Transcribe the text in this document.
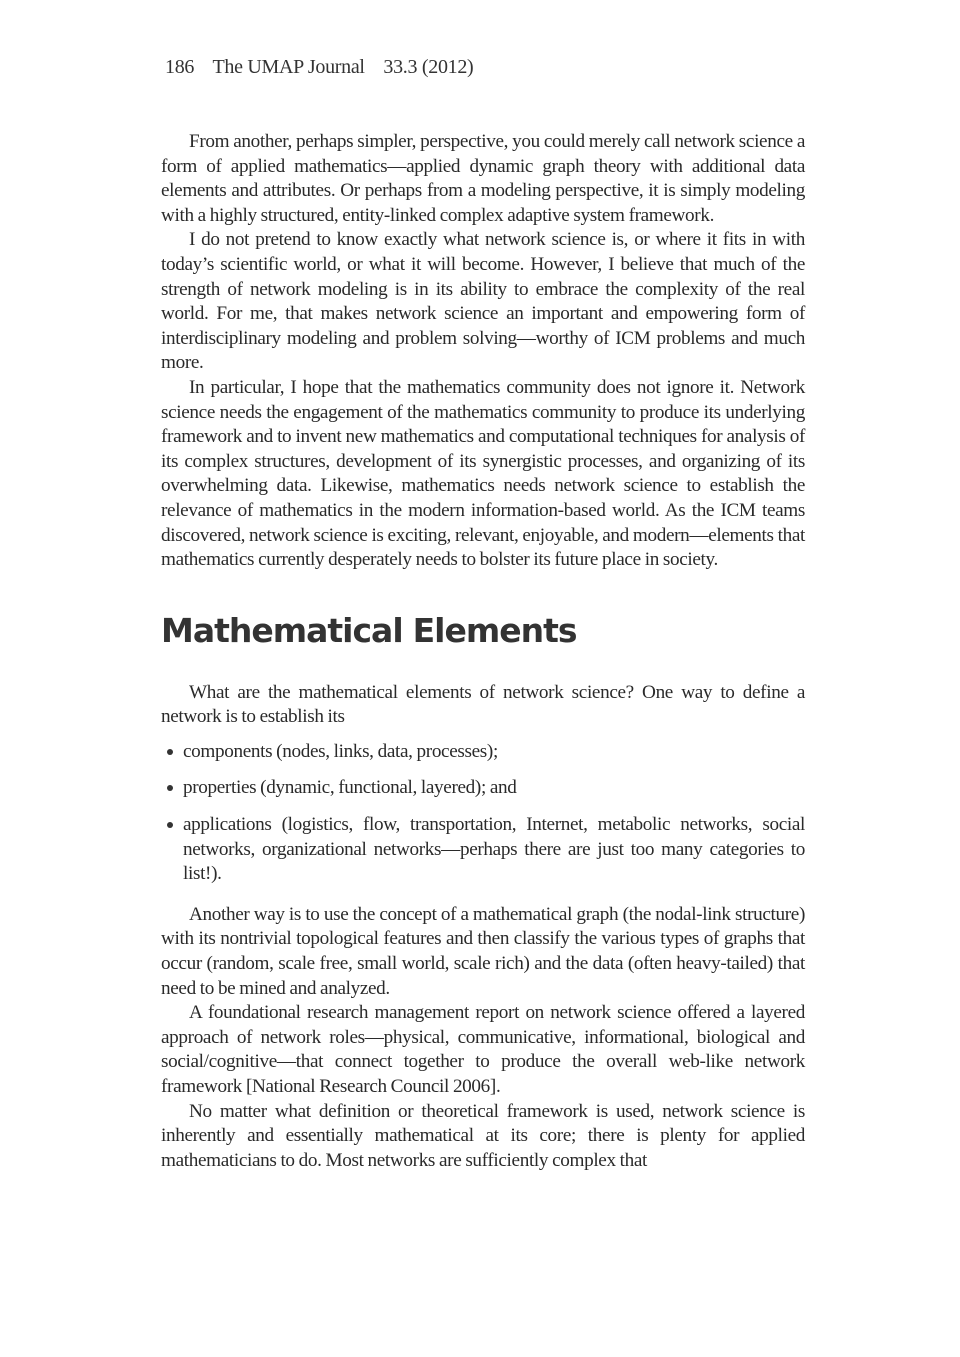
186 The UMAP Journal 33.3 (2012)

From another, perhaps simpler, perspective, you could merely call network science a form of applied mathematics—applied dynamic graph theory with additional data elements and attributes. Or perhaps from a modeling perspective, it is simply modeling with a highly structured, entity-linked complex adaptive system framework.

I do not pretend to know exactly what network science is, or where it fits in with today’s scientific world, or what it will become. However, I believe that much of the strength of network modeling is in its ability to embrace the complexity of the real world. For me, that makes network science an important and empowering form of interdisciplinary modeling and problem solving—worthy of ICM problems and much more.

In particular, I hope that the mathematics community does not ignore it. Network science needs the engagement of the mathematics community to produce its underlying framework and to invent new mathematics and computational techniques for analysis of its complex structures, development of its synergistic processes, and organizing of its overwhelming data. Likewise, mathematics needs network science to establish the relevance of mathematics in the modern information-based world. As the ICM teams discovered, network science is exciting, relevant, enjoyable, and modern—elements that mathematics currently desperately needs to bolster its future place in society.

Mathematical Elements

What are the mathematical elements of network science? One way to define a network is to establish its

components (nodes, links, data, processes);
properties (dynamic, functional, layered); and
applications (logistics, flow, transportation, Internet, metabolic networks, social networks, organizational networks—perhaps there are just too many categories to list!).

Another way is to use the concept of a mathematical graph (the nodal-link structure) with its nontrivial topological features and then classify the various types of graphs that occur (random, scale free, small world, scale rich) and the data (often heavy-tailed) that need to be mined and analyzed.

A foundational research management report on network science offered a layered approach of network roles—physical, communicative, informational, biological and social/cognitive—that connect together to produce the overall web-like network framework [National Research Council 2006].

No matter what definition or theoretical framework is used, network science is inherently and essentially mathematical at its core; there is plenty for applied mathematicians to do. Most networks are sufficiently complex that
